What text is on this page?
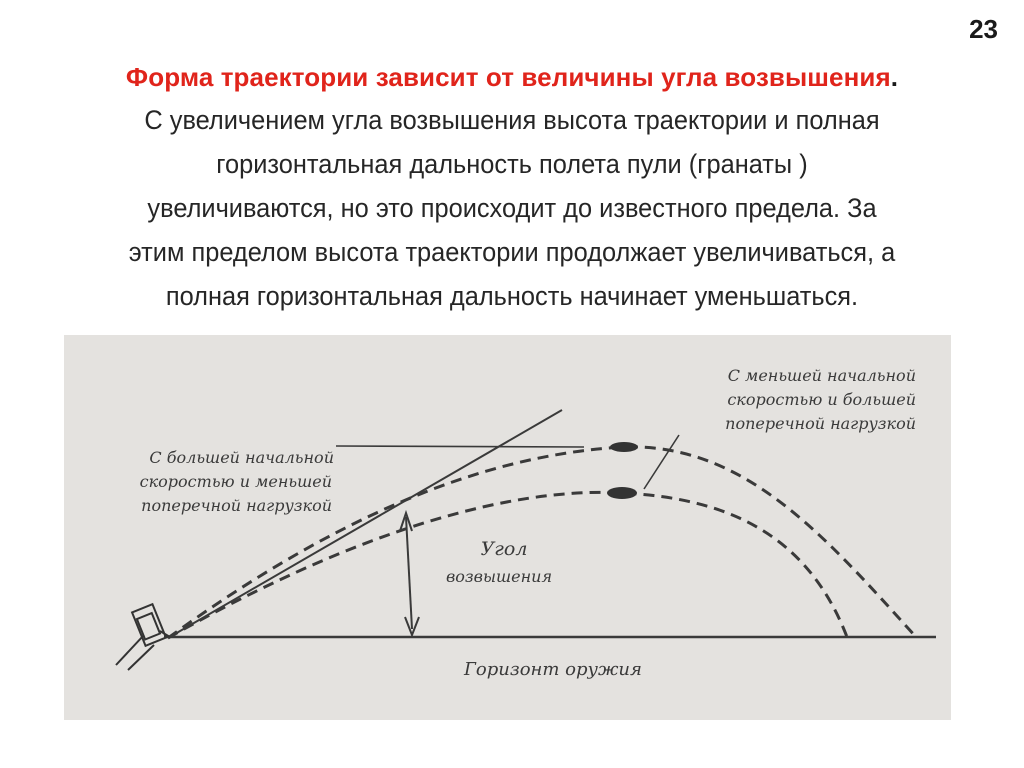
23
Форма траектории зависит от величины угла возвышения.
С увеличением угла возвышения высота траектории и полная
горизонтальная дальность полета пули (гранаты )
увеличиваются, но это происходит до известного предела. За
этим пределом высота траектории продолжает увеличиваться, а
полная горизонтальная дальность начинает уменьшаться.
С большей начальной
скоростью и меньшей
поперечной нагрузкой
С меньшей начальной
скоростью и большей
поперечной нагрузкой
Угол
возвышения
Горизонт оружия
